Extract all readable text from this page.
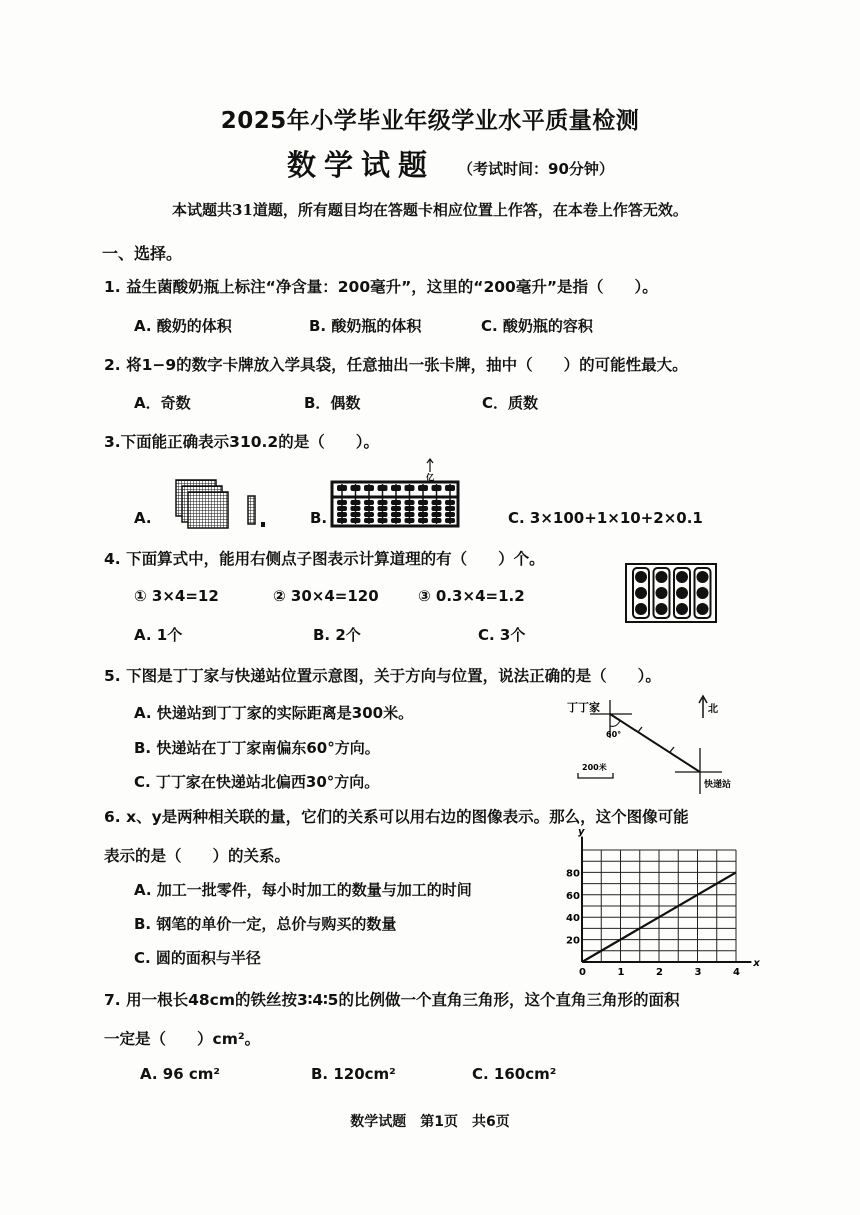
2025年小学毕业年级学业水平质量检测
数学试题 （考试时间：90分钟）
本试题共31道题，所有题目均在答题卡相应位置上作答，在本卷上作答无效。
一、选择。
1. 益生菌酸奶瓶上标注“净含量：200毫升”，这里的“200毫升”是指（　　）。
A. 酸奶的体积	B. 酸奶瓶的体积	C. 酸奶瓶的容积
2. 将1−9的数字卡牌放入学具袋，任意抽出一张卡牌，抽中（　　）的可能性最大。
A．奇数	B．偶数	C．质数
3.下面能正确表示310.2的是（　　）。
A.	B.
亿
C. 3×100+1×10+2×0.1
4. 下面算式中，能用右侧点子图表示计算道理的有（　　）个。
① 3×4=12	② 30×4=120	③ 0.3×4=1.2
A. 1个	B. 2个	C. 3个
5. 下图是丁丁家与快递站位置示意图，关于方向与位置，说法正确的是（　　）。
A. 快递站到丁丁家的实际距离是300米。
B. 快递站在丁丁家南偏东60°方向。
C. 丁丁家在快递站北偏西30°方向。
丁丁家
60°
快递站
北
200米
6. x、y是两种相关联的量，它们的关系可以用右边的图像表示。那么，这个图像可能
表示的是（　　）的关系。
A. 加工一批零件，每小时加工的数量与加工的时间
B. 钢笔的单价一定，总价与购买的数量
C. 圆的面积与半径
0	1	2	3	4
20
40
60
80
x
y
7. 用一根长48cm的铁丝按3∶4∶5的比例做一个直角三角形，这个直角三角形的面积
一定是（　　）cm²。
A. 96 cm²	B. 120cm²	C. 160cm²
数学试题　第1页　共6页
